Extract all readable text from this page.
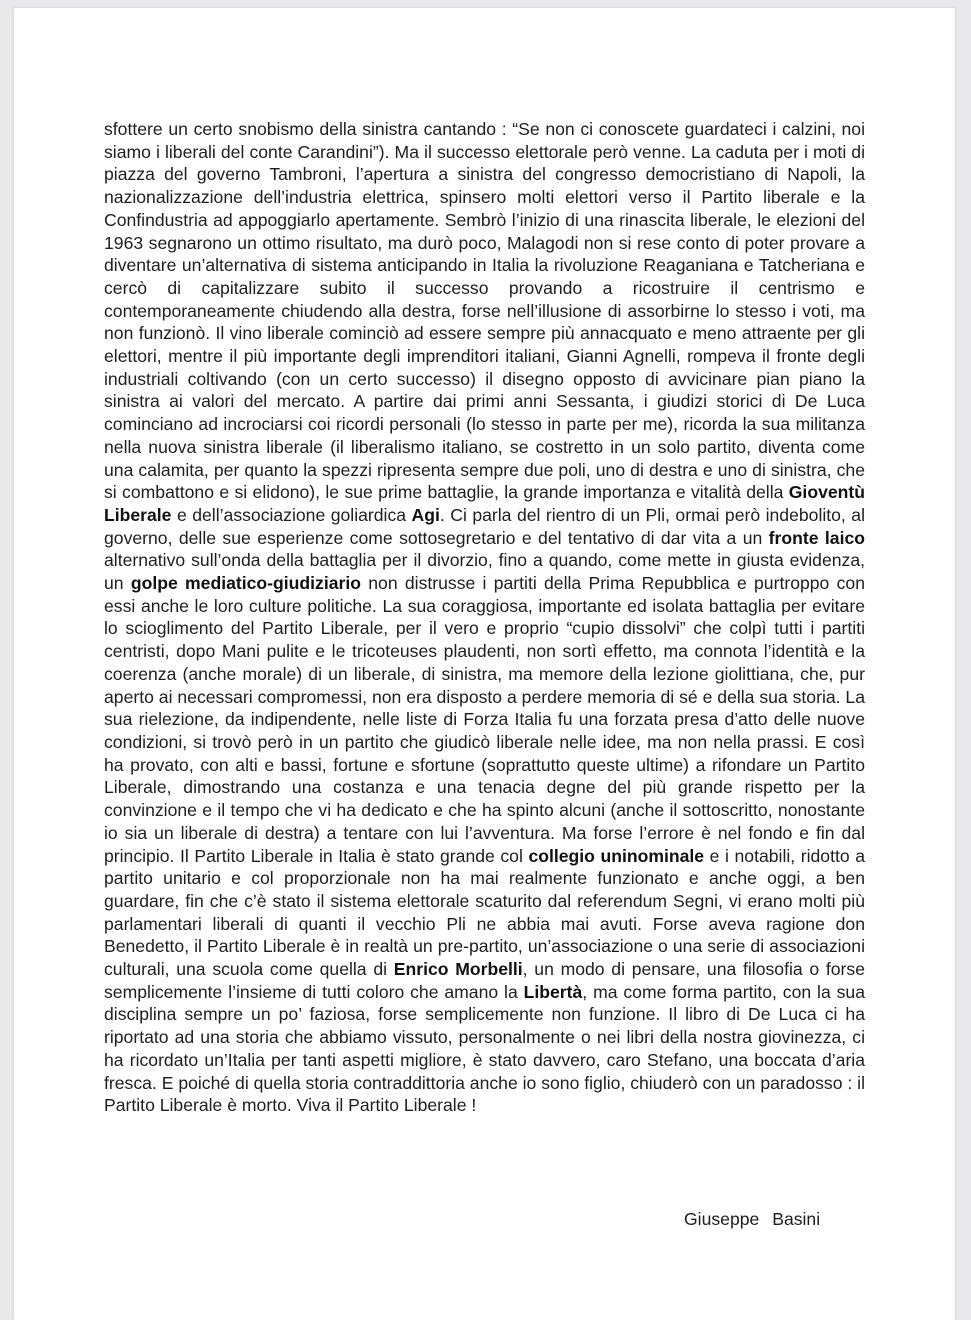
sfottere un certo snobismo della sinistra cantando : “Se non ci conoscete guardateci i calzini, noi siamo i liberali del conte Carandini”). Ma il successo elettorale però venne. La caduta per i moti di piazza del governo Tambroni, l’apertura a sinistra del congresso democristiano di Napoli, la nazionalizzazione dell’industria elettrica, spinsero molti elettori verso il Partito liberale e la Confindustria ad appoggiarlo apertamente. Sembrò l’inizio di una rinascita liberale, le elezioni del 1963 segnarono un ottimo risultato, ma durò poco, Malagodi non si rese conto di poter provare a diventare un’alternativa di sistema anticipando in Italia la rivoluzione Reaganiana e Tatcheriana e cercò di capitalizzare subito il successo provando a ricostruire il centrismo e contemporaneamente chiudendo alla destra, forse nell’illusione di assorbirne lo stesso i voti, ma non funzionò. Il vino liberale cominciò ad essere sempre più annacquato e meno attraente per gli elettori, mentre il più importante degli imprenditori italiani, Gianni Agnelli, rompeva il fronte degli industriali coltivando (con un certo successo) il disegno opposto di avvicinare pian piano la sinistra ai valori del mercato. A partire dai primi anni Sessanta, i giudizi storici di De Luca cominciano ad incrociarsi coi ricordi personali (lo stesso in parte per me), ricorda la sua militanza nella nuova sinistra liberale (il liberalismo italiano, se costretto in un solo partito, diventa come una calamita, per quanto la spezzi ripresenta sempre due poli, uno di destra e uno di sinistra, che si combattono e si elidono), le sue prime battaglie, la grande importanza e vitalità della Gioventù Liberale e dell’associazione goliardica Agi. Ci parla del rientro di un Pli, ormai però indebolito, al governo, delle sue esperienze come sottosegretario e del tentativo di dar vita a un fronte laico alternativo sull’onda della battaglia per il divorzio, fino a quando, come mette in giusta evidenza, un golpe mediatico-giudiziario non distrusse i partiti della Prima Repubblica e purtroppo con essi anche le loro culture politiche. La sua coraggiosa, importante ed isolata battaglia per evitare lo scioglimento del Partito Liberale, per il vero e proprio “cupio dissolvi” che colpì tutti i partiti centristi, dopo Mani pulite e le tricoteuses plaudenti, non sortì effetto, ma connota l’identità e la coerenza (anche morale) di un liberale, di sinistra, ma memore della lezione giolittiana, che, pur aperto ai necessari compromessi, non era disposto a perdere memoria di sé e della sua storia. La sua rielezione, da indipendente, nelle liste di Forza Italia fu una forzata presa d’atto delle nuove condizioni, si trovò però in un partito che giudicò liberale nelle idee, ma non nella prassi. E così ha provato, con alti e bassi, fortune e sfortune (soprattutto queste ultime) a rifondare un Partito Liberale, dimostrando una costanza e una tenacia degne del più grande rispetto per la convinzione e il tempo che vi ha dedicato e che ha spinto alcuni (anche il sottoscritto, nonostante io sia un liberale di destra) a tentare con lui l’avventura. Ma forse l’errore è nel fondo e fin dal principio. Il Partito Liberale in Italia è stato grande col collegio uninominale e i notabili, ridotto a partito unitario e col proporzionale non ha mai realmente funzionato e anche oggi, a ben guardare, fin che c’è stato il sistema elettorale scaturito dal referendum Segni, vi erano molti più parlamentari liberali di quanti il vecchio Pli ne abbia mai avuti. Forse aveva ragione don Benedetto, il Partito Liberale è in realtà un pre-partito, un’associazione o una serie di associazioni culturali, una scuola come quella di Enrico Morbelli, un modo di pensare, una filosofia o forse semplicemente l’insieme di tutti coloro che amano la Libertà, ma come forma partito, con la sua disciplina sempre un po’ faziosa, forse semplicemente non funzione. Il libro di De Luca ci ha riportato ad una storia che abbiamo vissuto, personalmente o nei libri della nostra giovinezza, ci ha ricordato un’Italia per tanti aspetti migliore, è stato davvero, caro Stefano, una boccata d’aria fresca. E poiché di quella storia contraddittoria anche io sono figlio, chiuderò con un paradosso : il Partito Liberale è morto. Viva il Partito Liberale !
Giuseppe Basini
